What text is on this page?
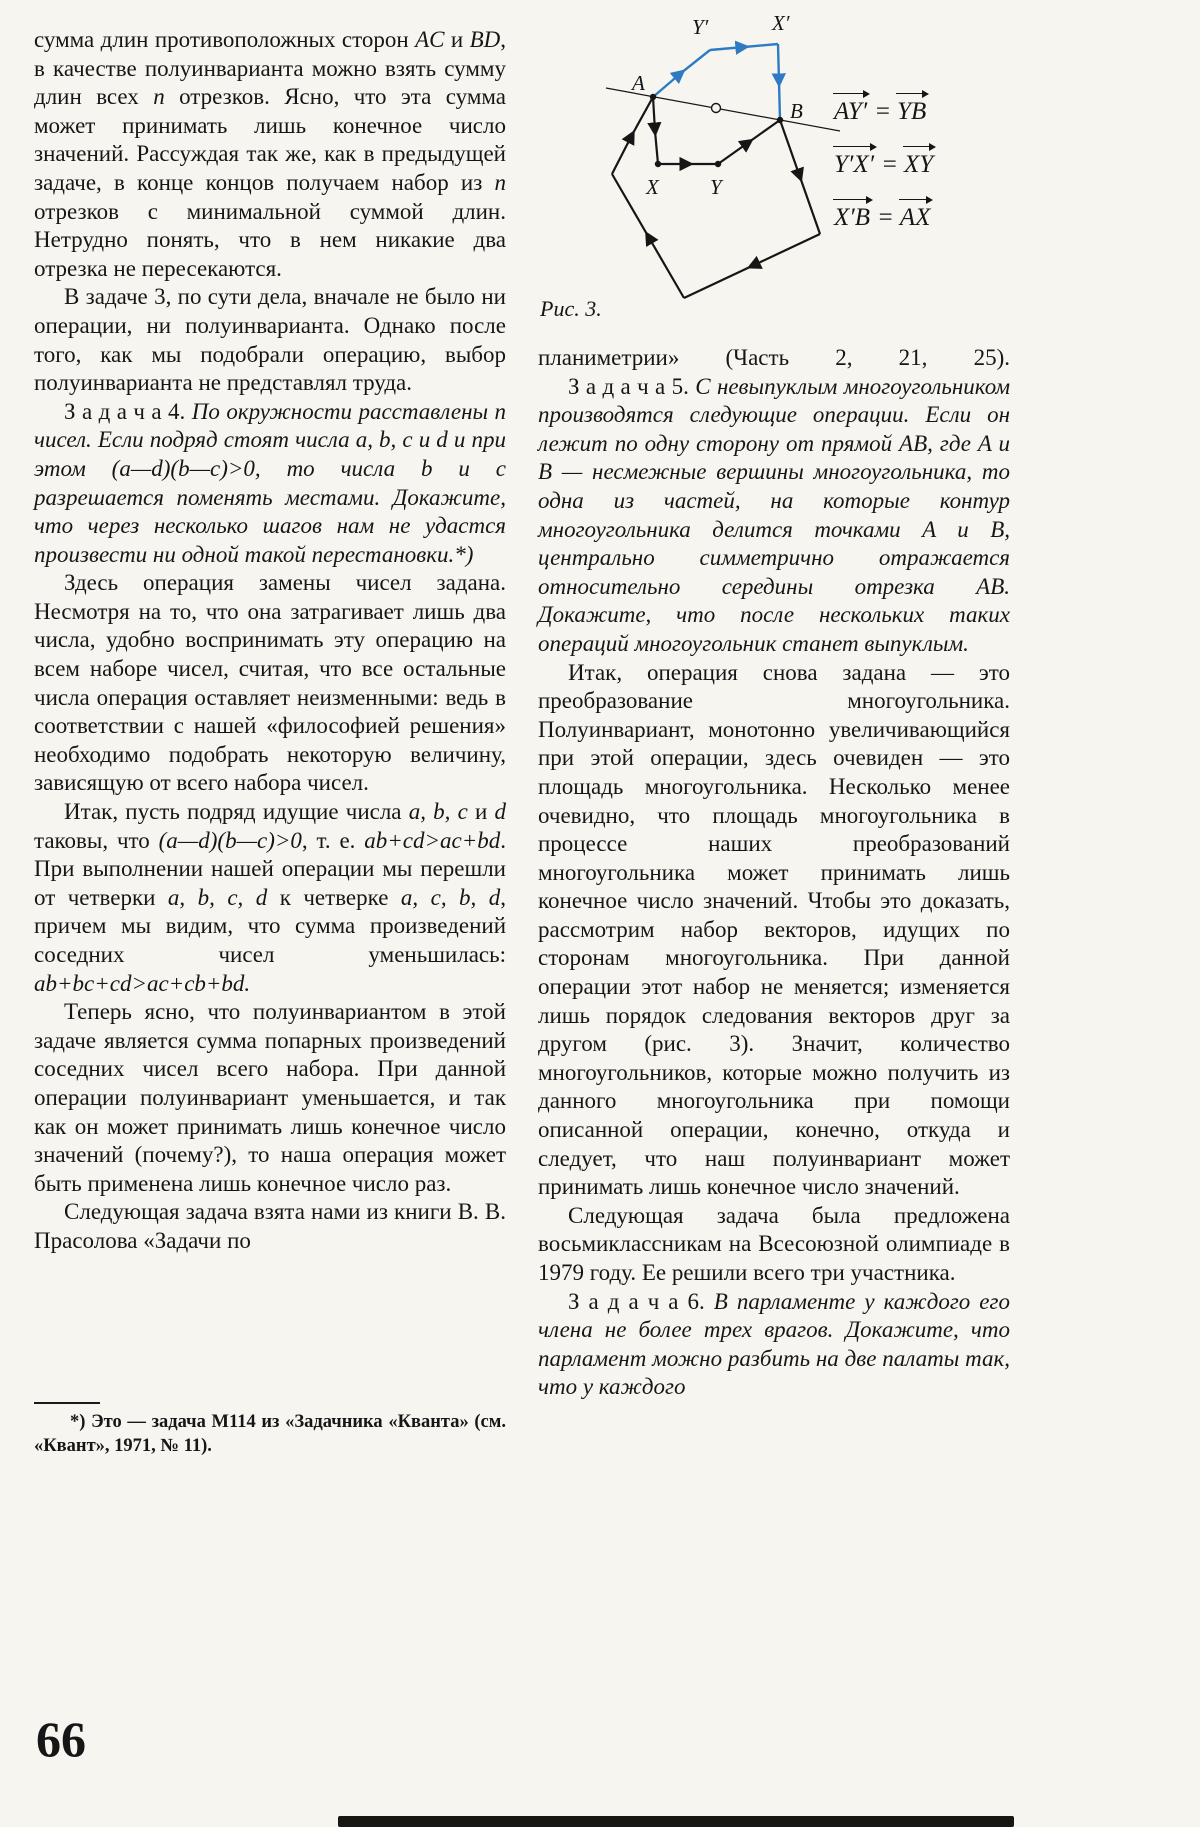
сумма длин противоположных сторон AC и BD, в качестве полуинварианта можно взять сумму длин всех n отрезков. Ясно, что эта сумма может принимать лишь конечное число значений. Рассуждая так же, как в предыдущей задаче, в конце концов получаем набор из n отрезков с минимальной суммой длин. Нетрудно понять, что в нем никакие два отрезка не пересекаются.

В задаче 3, по сути дела, вначале не было ни операции, ни полуинварианта. Однако после того, как мы подобрали операцию, выбор полуинварианта не представлял труда.

З а д а ч а 4. По окружности расставлены n чисел. Если подряд стоят числа a, b, c и d и при этом (a—d)(b—c)>0, то числа b и c разрешается поменять местами. Докажите, что через несколько шагов нам не удастся произвести ни одной такой перестановки.*)

Здесь операция замены чисел задана. Несмотря на то, что она затрагивает лишь два числа, удобно воспринимать эту операцию на всем наборе чисел, считая, что все остальные числа операция оставляет неизменными: ведь в соответствии с нашей «философией решения» необходимо подобрать некоторую величину, зависящую от всего набора чисел.

Итак, пусть подряд идущие числа a, b, c и d таковы, что (a—d)(b—c)>0, т. е. ab+cd>ac+bd. При выполнении нашей операции мы перешли от четверки a, b, c, d к четверке a, c, b, d, причем мы видим, что сумма произведений соседних чисел уменьшилась: ab+bc+cd>ac+cb+bd.

Теперь ясно, что полуинвариантом в этой задаче является сумма попарных произведений соседних чисел всего набора. При данной операции полуинвариант уменьшается, и так как он может принимать лишь конечное число значений (почему?), то наша операция может быть применена лишь конечное число раз.

Следующая задача взята нами из книги В. В. Прасолова «Задачи по

A
B
X Y
Y′	X′
AY′ = YB
Y′X′ = XY
X′B = AX
Рис. 3.

планиметрии» (Часть 2, 21, 25).

З а д а ч а 5. С невыпуклым многоугольником производятся следующие операции. Если он лежит по одну сторону от прямой AB, где A и B — несмежные вершины многоугольника, то одна из частей, на которые контур многоугольника делится точками A и B, центрально симметрично отражается относительно середины отрезка AB. Докажите, что после нескольких таких операций многоугольник станет выпуклым.

Итак, операция снова задана — это преобразование многоугольника. Полуинвариант, монотонно увеличивающийся при этой операции, здесь очевиден — это площадь многоугольника. Несколько менее очевидно, что площадь многоугольника в процессе наших преобразований многоугольника может принимать лишь конечное число значений. Чтобы это доказать, рассмотрим набор векторов, идущих по сторонам многоугольника. При данной операции этот набор не меняется; изменяется лишь порядок следования векторов друг за другом (рис. 3). Значит, количество многоугольников, которые можно получить из данного многоугольника при помощи описанной операции, конечно, откуда и следует, что наш полуинвариант может принимать лишь конечное число значений.

Следующая задача была предложена восьмиклассникам на Всесоюзной олимпиаде в 1979 году. Ее решили всего три участника.

З а д а ч а 6. В парламенте у каждого его члена не более трех врагов. Докажите, что парламент можно разбить на две палаты так, что у каждого

*) Это — задача М114 из «Задачника «Кванта» (см. «Квант», 1971, № 11).

66
